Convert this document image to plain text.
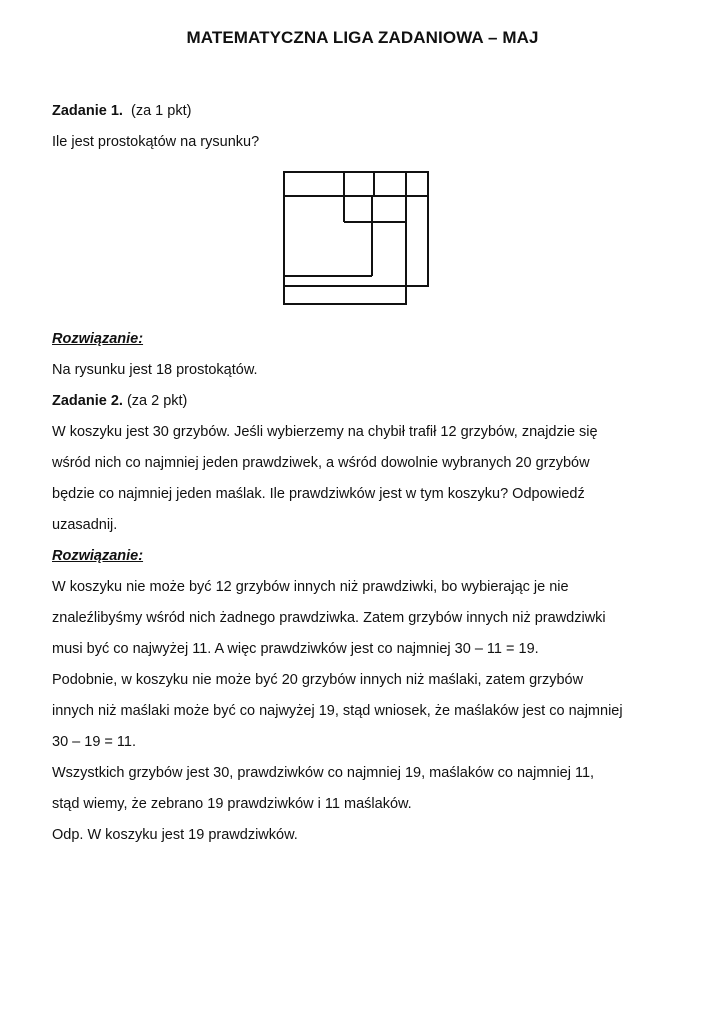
MATEMATYCZNA LIGA ZADANIOWA – MAJ
Zadanie 1. (za 1 pkt)
Ile jest prostokątów na rysunku?
Rozwiązanie:
Na rysunku jest 18 prostokątów.
Zadanie 2. (za 2 pkt)
W koszyku jest 30 grzybów. Jeśli wybierzemy na chybił trafił 12 grzybów, znajdzie się
wśród nich co najmniej jeden prawdziwek, a wśród dowolnie wybranych 20 grzybów
będzie co najmniej jeden maślak. Ile prawdziwków jest w tym koszyku? Odpowiedź
uzasadnij.
Rozwiązanie:
W koszyku nie może być 12 grzybów innych niż prawdziwki, bo wybierając je nie
znaleźlibyśmy wśród nich żadnego prawdziwka. Zatem grzybów innych niż prawdziwki
musi być co najwyżej 11. A więc prawdziwków jest co najmniej 30 – 11 = 19.
Podobnie, w koszyku nie może być 20 grzybów innych niż maślaki, zatem grzybów
innych niż maślaki może być co najwyżej 19, stąd wniosek, że maślaków jest co najmniej
30 – 19 = 11.
Wszystkich grzybów jest 30, prawdziwków co najmniej 19, maślaków co najmniej 11,
stąd wiemy, że zebrano 19 prawdziwków i 11 maślaków.
Odp. W koszyku jest 19 prawdziwków.
